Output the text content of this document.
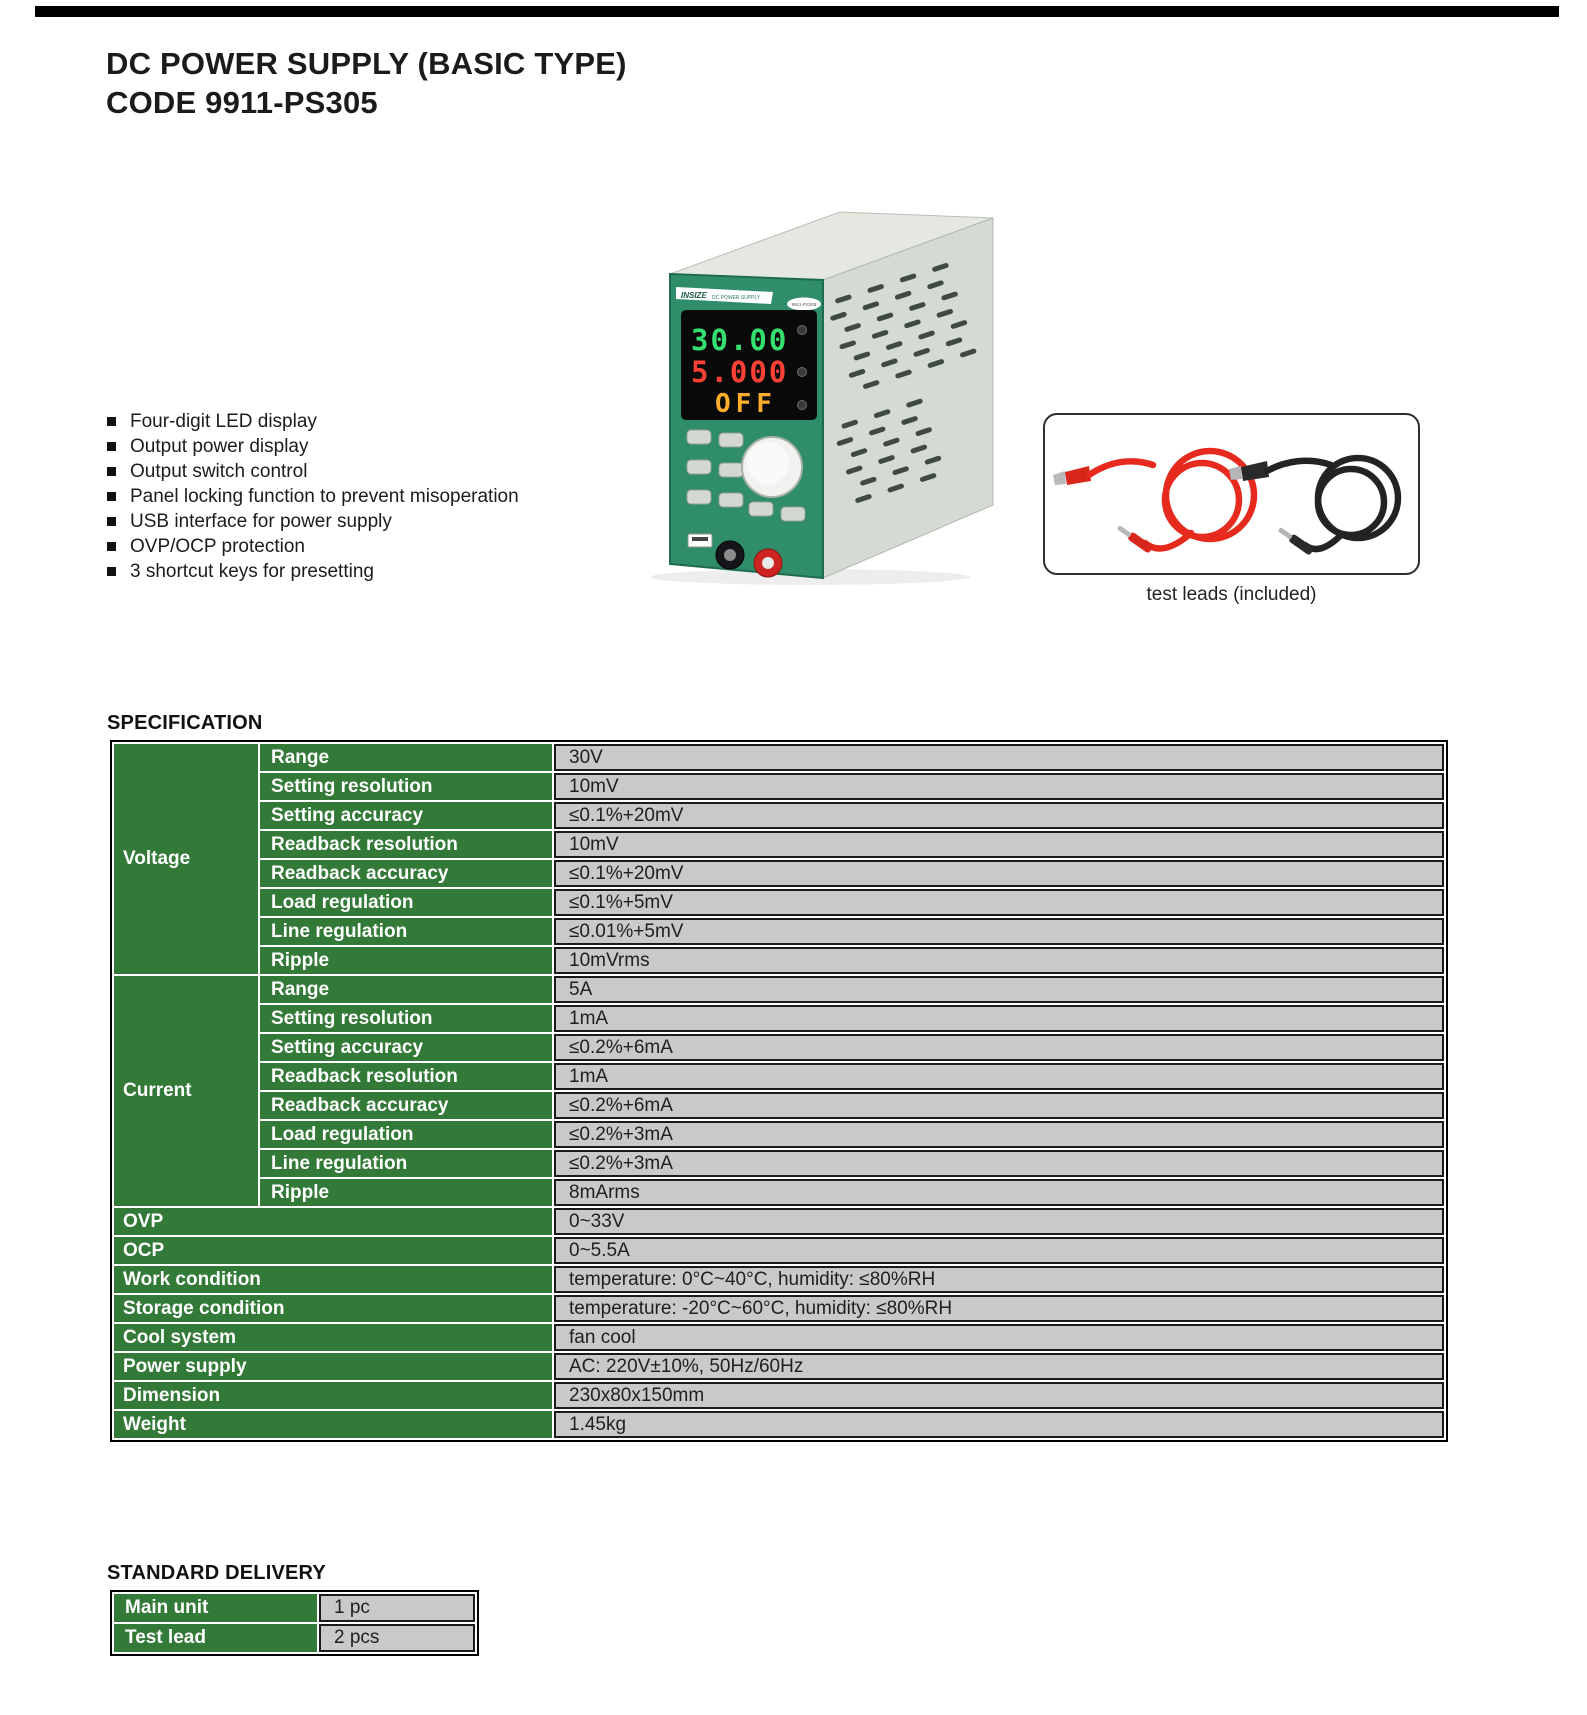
DC POWER SUPPLY (BASIC TYPE)
CODE 9911-PS305
INSIZE DC POWER SUPPLY
9911-PS305
30.00
5.000
OFF
test leads (included)
Four-digit LED display
Output power display
Output switch control
Panel locking function to prevent misoperation
USB interface for power supply
OVP/OCP protection
3 shortcut keys for presetting
SPECIFICATION
Voltage
Range	30V
Setting resolution	10mV
Setting accuracy	≤0.1%+20mV
Readback resolution	10mV
Readback accuracy	≤0.1%+20mV
Load regulation	≤0.1%+5mV
Line regulation	≤0.01%+5mV
Ripple	10mVrms
Current
Range	5A
Setting resolution	1mA
Setting accuracy	≤0.2%+6mA
Readback resolution	1mA
Readback accuracy	≤0.2%+6mA
Load regulation	≤0.2%+3mA
Line regulation	≤0.2%+3mA
Ripple	8mArms
OVP	0~33V
OCP	0~5.5A
Work condition	temperature: 0°C~40°C, humidity: ≤80%RH
Storage condition	temperature: -20°C~60°C, humidity: ≤80%RH
Cool system	fan cool
Power supply	AC: 220V±10%, 50Hz/60Hz
Dimension	230x80x150mm
Weight	1.45kg
STANDARD DELIVERY
Main unit	1 pc
Test lead	2 pcs
